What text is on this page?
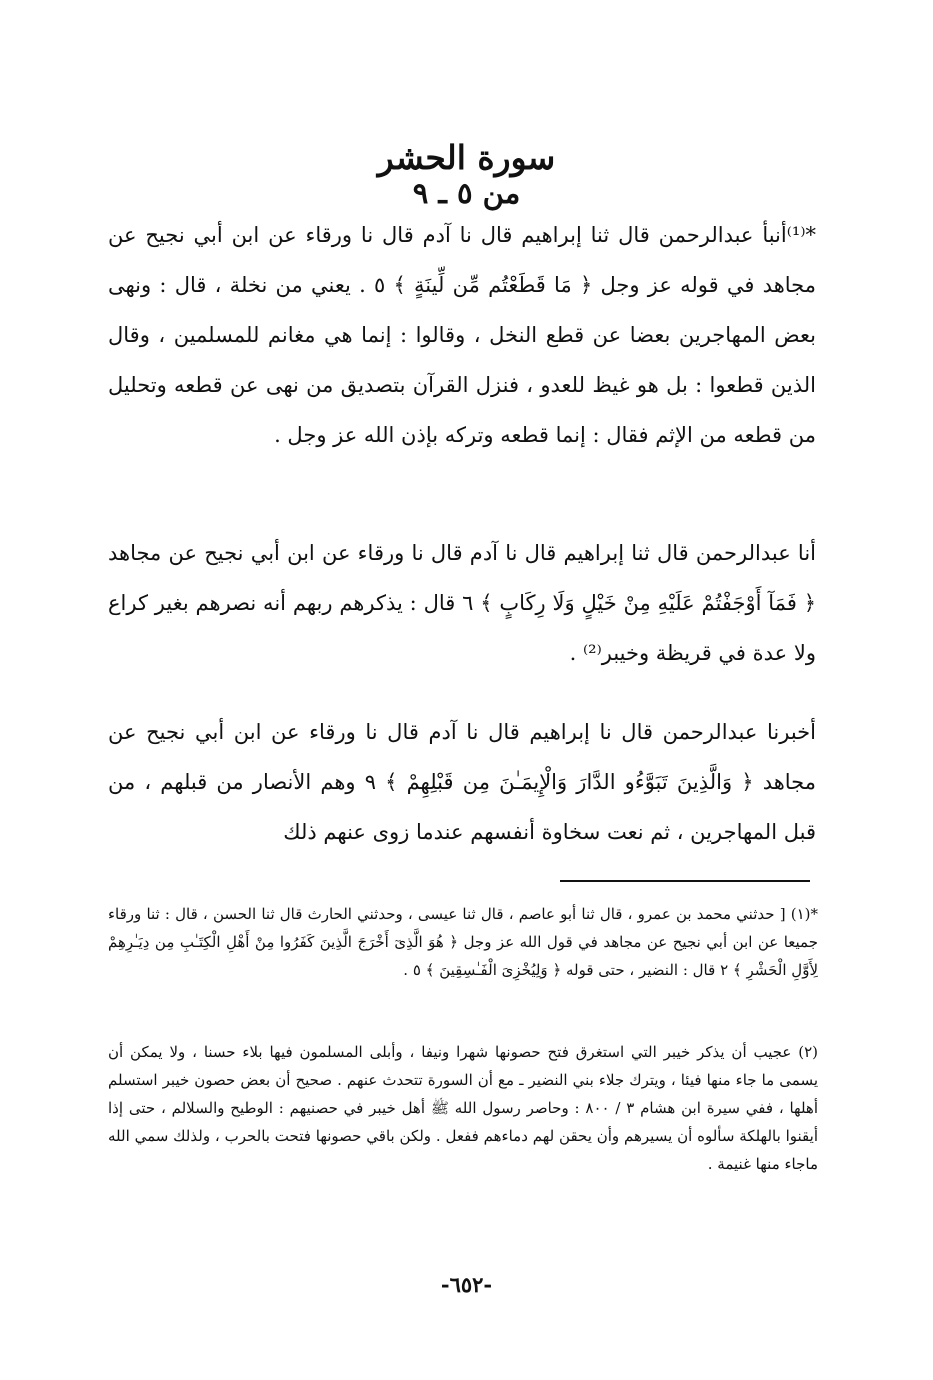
سورة الحشر
من ٥ ـ ٩

*⁽¹⁾أنبأ عبدالرحمن قال ثنا إبراهيم قال نا آدم قال نا ورقاء عن ابن أبي نجيح عن مجاهد في قوله عز وجل ﴿ مَا قَطَعْتُم مِّن لِّينَةٍ ﴾ ٥ . يعني من نخلة ، قال : ونهى بعض المهاجرين بعضا عن قطع النخل ، وقالوا : إنما هي مغانم للمسلمين ، وقال الذين قطعوا : بل هو غيظ للعدو ، فنزل القرآن بتصديق من نهى عن قطعه وتحليل من قطعه من الإثم فقال : إنما قطعه وتركه بإذن الله عز وجل .

أنا عبدالرحمن قال ثنا إبراهيم قال نا آدم قال نا ورقاء عن ابن أبي نجيح عن مجاهد ﴿ فَمَآ أَوْجَفْتُمْ عَلَيْهِ مِنْ خَيْلٍ وَلَا رِكَابٍ ﴾ ٦ قال : يذكرهم ربهم أنه نصرهم بغير كراع ولا عدة في قريظة وخيبر⁽²⁾ .

أخبرنا عبدالرحمن قال نا إبراهيم قال نا آدم قال نا ورقاء عن ابن أبي نجيح عن مجاهد ﴿ وَالَّذِينَ تَبَوَّءُو الدَّارَ وَالْإِيمَـٰنَ مِن قَبْلِهِمْ ﴾ ٩ وهم الأنصار من قبلهم ، من قبل المهاجرين ، ثم نعت سخاوة أنفسهم عندما زوى عنهم ذلك

*(١) [ حدثني محمد بن عمرو ، قال ثنا أبو عاصم ، قال ثنا عيسى ، وحدثني الحارث قال ثنا الحسن ، قال : ثنا ورقاء جميعا عن ابن أبي نجيح عن مجاهد في قول الله عز وجل ﴿ هُوَ الَّذِىٓ أَخْرَجَ الَّذِينَ كَفَرُوا مِنْ أَهْلِ الْكِتَـٰبِ مِن دِيَـٰرِهِمْ لِأَوَّلِ الْحَشْرِ ﴾ ٢ قال : النضير ، حتى قوله ﴿ وَلِيُخْزِىَ الْفَـٰسِقِينَ ﴾ ٥ .

(٢) عجيب أن يذكر خيبر التي استغرق فتح حصونها شهرا ونيفا ، وأبلى المسلمون فيها بلاء حسنا ، ولا يمكن أن يسمى ما جاء منها فيئا ، ويترك جلاء بني النضير ـ مع أن السورة تتحدث عنهم . صحيح أن بعض حصون خيبر استسلم أهلها ، ففي سيرة ابن هشام ٣ / ٨٠٠ : وحاصر رسول الله ﷺ أهل خيبر في حصنيهم : الوطيح والسلالم ، حتى إذا أيقنوا بالهلكة سألوه أن يسيرهم وأن يحقن لهم دماءهم ففعل . ولكن باقي حصونها فتحت بالحرب ، ولذلك سمي الله ماجاء منها غنيمة .

-٦٥٢-
